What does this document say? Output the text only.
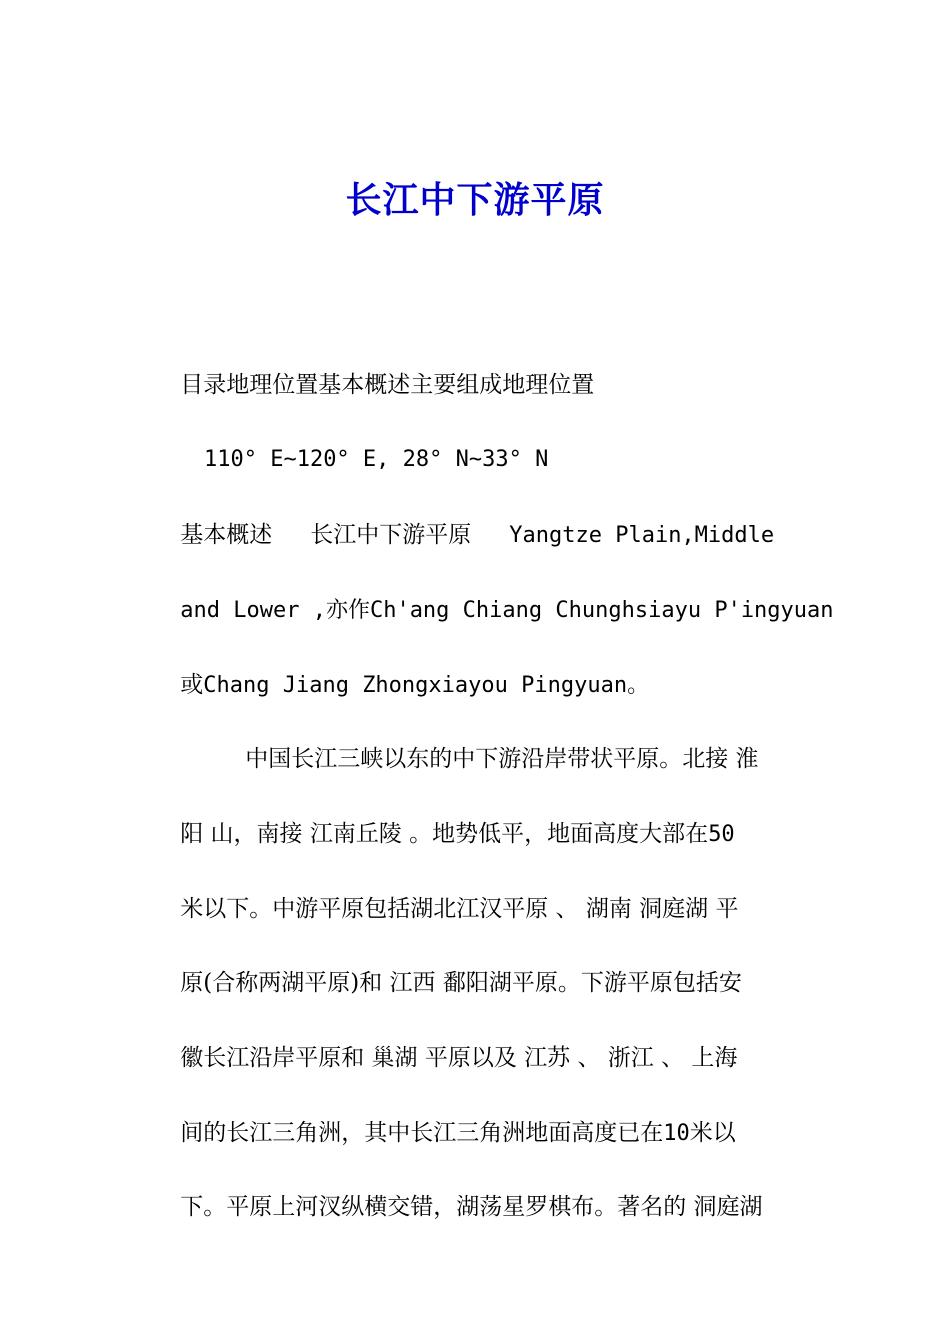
长江中下游平原

目录地理位置基本概述主要组成地理位置

110° E~120° E, 28° N~33° N

基本概述 长江中下游平原 Yangtze Plain,Middle

and Lower ,亦作Ch'ang Chiang Chunghsiayu P'ingyuan

或Chang Jiang Zhongxiayou Pingyuan。

中国长江三峡以东的中下游沿岸带状平原。北接 淮

阳 山，南接 江南丘陵 。地势低平，地面高度大部在50

米以下。中游平原包括湖北江汉平原 、 湖南 洞庭湖 平

原(合称两湖平原)和 江西 鄱阳湖平原。下游平原包括安

徽长江沿岸平原和 巢湖 平原以及 江苏 、 浙江 、 上海

间的长江三角洲，其中长江三角洲地面高度已在10米以

下。平原上河汊纵横交错，湖荡星罗棋布。著名的 洞庭湖
